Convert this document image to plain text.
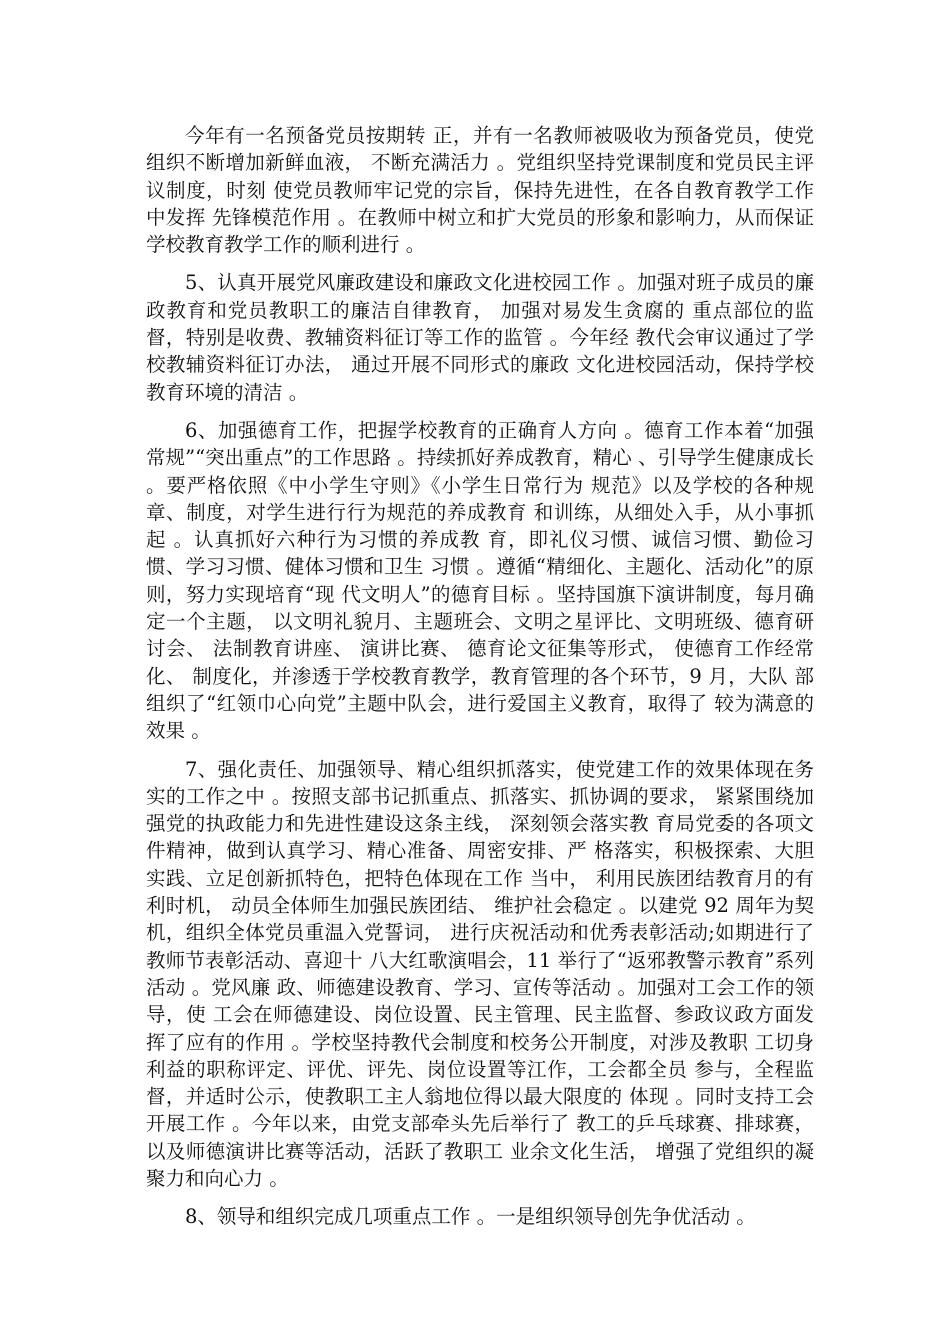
今年有一名预备党员按期转 正，并有一名教师被吸收为预备党员，使党组织不断增加新鲜血液， 不断充满活力 。党组织坚持党课制度和党员民主评议制度，时刻 使党员教师牢记党的宗旨，保持先进性，在各自教育教学工作中发挥 先锋模范作用 。在教师中树立和扩大党员的形象和影响力，从而保证 学校教育教学工作的顺利进行 。

5、认真开展党风廉政建设和廉政文化进校园工作 。加强对班子成员的廉政教育和党员教职工的廉洁自律教育， 加强对易发生贪腐的 重点部位的监督，特别是收费、教辅资料征订等工作的监管 。今年经 教代会审议通过了学校教辅资料征订办法， 通过开展不同形式的廉政 文化进校园活动，保持学校教育环境的清洁 。

6、加强德育工作，把握学校教育的正确育人方向 。德育工作本着“加强常规”“突出重点”的工作思路 。持续抓好养成教育，精心 、引导学生健康成长 。要严格依照《中小学生守则》《小学生日常行为 规范》以及学校的各种规章、制度，对学生进行行为规范的养成教育 和训练，从细处入手，从小事抓起 。认真抓好六种行为习惯的养成教 育，即礼仪习惯、诚信习惯、勤俭习惯、学习习惯、健体习惯和卫生 习惯 。遵循“精细化、主题化、活动化”的原则，努力实现培育“现 代文明人”的德育目标 。坚持国旗下演讲制度，每月确定一个主题， 以文明礼貌月、主题班会、文明之星评比、文明班级、德育研讨会、 法制教育讲座、 演讲比赛、 德育论文征集等形式， 使德育工作经常化、 制度化，并渗透于学校教育教学，教育管理的各个环节，9 月，大队 部组织了“红领巾心向党”主题中队会，进行爱国主义教育，取得了 较为满意的效果 。

7、强化责任、加强领导、精心组织抓落实，使党建工作的效果体现在务实的工作之中 。按照支部书记抓重点、抓落实、抓协调的要求， 紧紧围绕加强党的执政能力和先进性建设这条主线， 深刻领会落实教 育局党委的各项文件精神，做到认真学习、精心准备、周密安排、严 格落实，积极探索、大胆实践、立足创新抓特色，把特色体现在工作 当中， 利用民族团结教育月的有利时机， 动员全体师生加强民族团结、 维护社会稳定 。以建党 92 周年为契机，组织全体党员重温入党誓词， 进行庆祝活动和优秀表彰活动;如期进行了教师节表彰活动、喜迎十 八大红歌演唱会，11 举行了“返邪教警示教育”系列活动 。党风廉 政、师德建设教育、学习、宣传等活动 。加强对工会工作的领导，使 工会在师德建设、岗位设置、民主管理、民主监督、参政议政方面发 挥了应有的作用 。学校坚持教代会制度和校务公开制度，对涉及教职 工切身利益的职称评定、评优、评先、岗位设置等江作，工会都全员 参与，全程监督，并适时公示，使教职工主人翁地位得以最大限度的 体现 。同时支持工会开展工作 。今年以来，由党支部牵头先后举行了 教工的乒乓球赛、排球赛，以及师德演讲比赛等活动，活跃了教职工 业余文化生活， 增强了党组织的凝聚力和向心力 。

8、领导和组织完成几项重点工作 。一是组织领导创先争优活动 。
